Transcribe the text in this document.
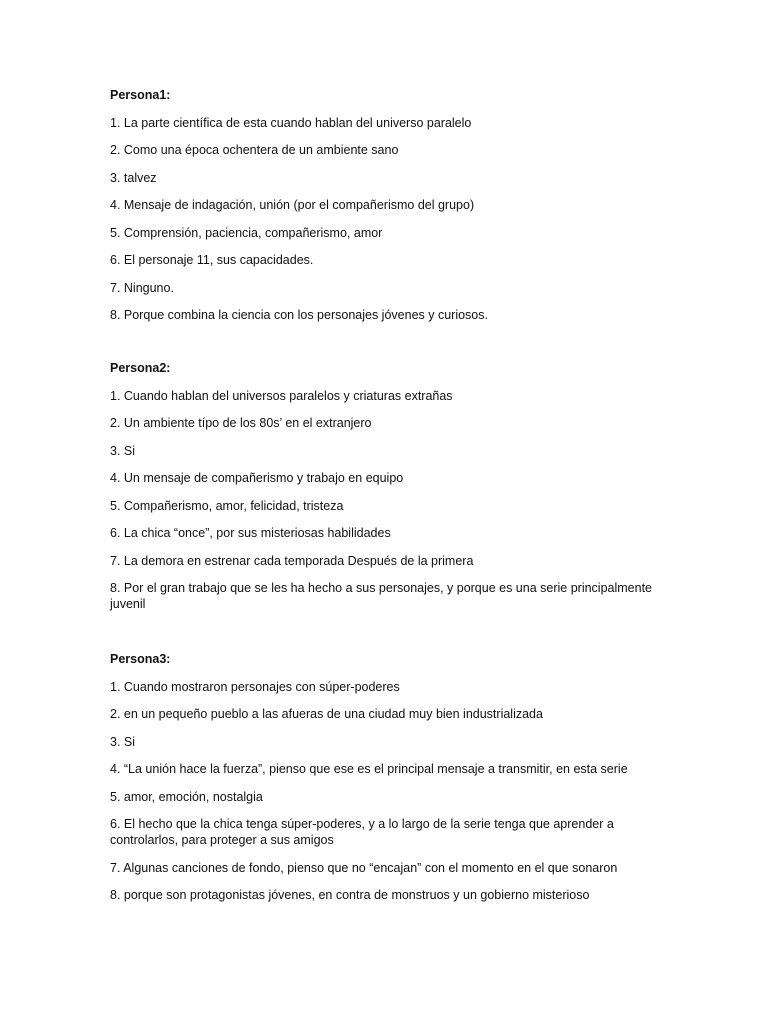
Persona1:

1. La parte científica de esta cuando hablan del universo paralelo

2. Como una época ochentera de un ambiente sano

3. talvez

4. Mensaje de indagación, unión (por el compañerismo del grupo)

5. Comprensión, paciencia, compañerismo, amor

6. El personaje 11, sus capacidades.

7. Ninguno.

8. Porque combina la ciencia con los personajes jóvenes y curiosos.

Persona2:

1. Cuando hablan del universos paralelos y criaturas extrañas

2. Un ambiente típo de los 80s’ en el extranjero

3. Si

4. Un mensaje de compañerismo y trabajo en equipo

5. Compañerismo, amor, felicidad, tristeza

6. La chica “once”, por sus misteriosas habilidades

7. La demora en estrenar cada temporada Después de la primera

8. Por el gran trabajo que se les ha hecho a sus personajes, y porque es una serie principalmente juvenil

Persona3:

1. Cuando mostraron personajes con súper-poderes

2. en un pequeño pueblo a las afueras de una ciudad muy bien industrializada

3. Si

4. “La unión hace la fuerza”, pienso que ese es el principal mensaje a transmitir, en esta serie

5. amor, emoción, nostalgia

6. El hecho que la chica tenga súper-poderes, y a lo largo de la serie tenga que aprender a controlarlos, para proteger a sus amigos

7. Algunas canciones de fondo, pienso que no “encajan” con el momento en el que sonaron

8. porque son protagonistas jóvenes, en contra de monstruos y un gobierno misterioso
